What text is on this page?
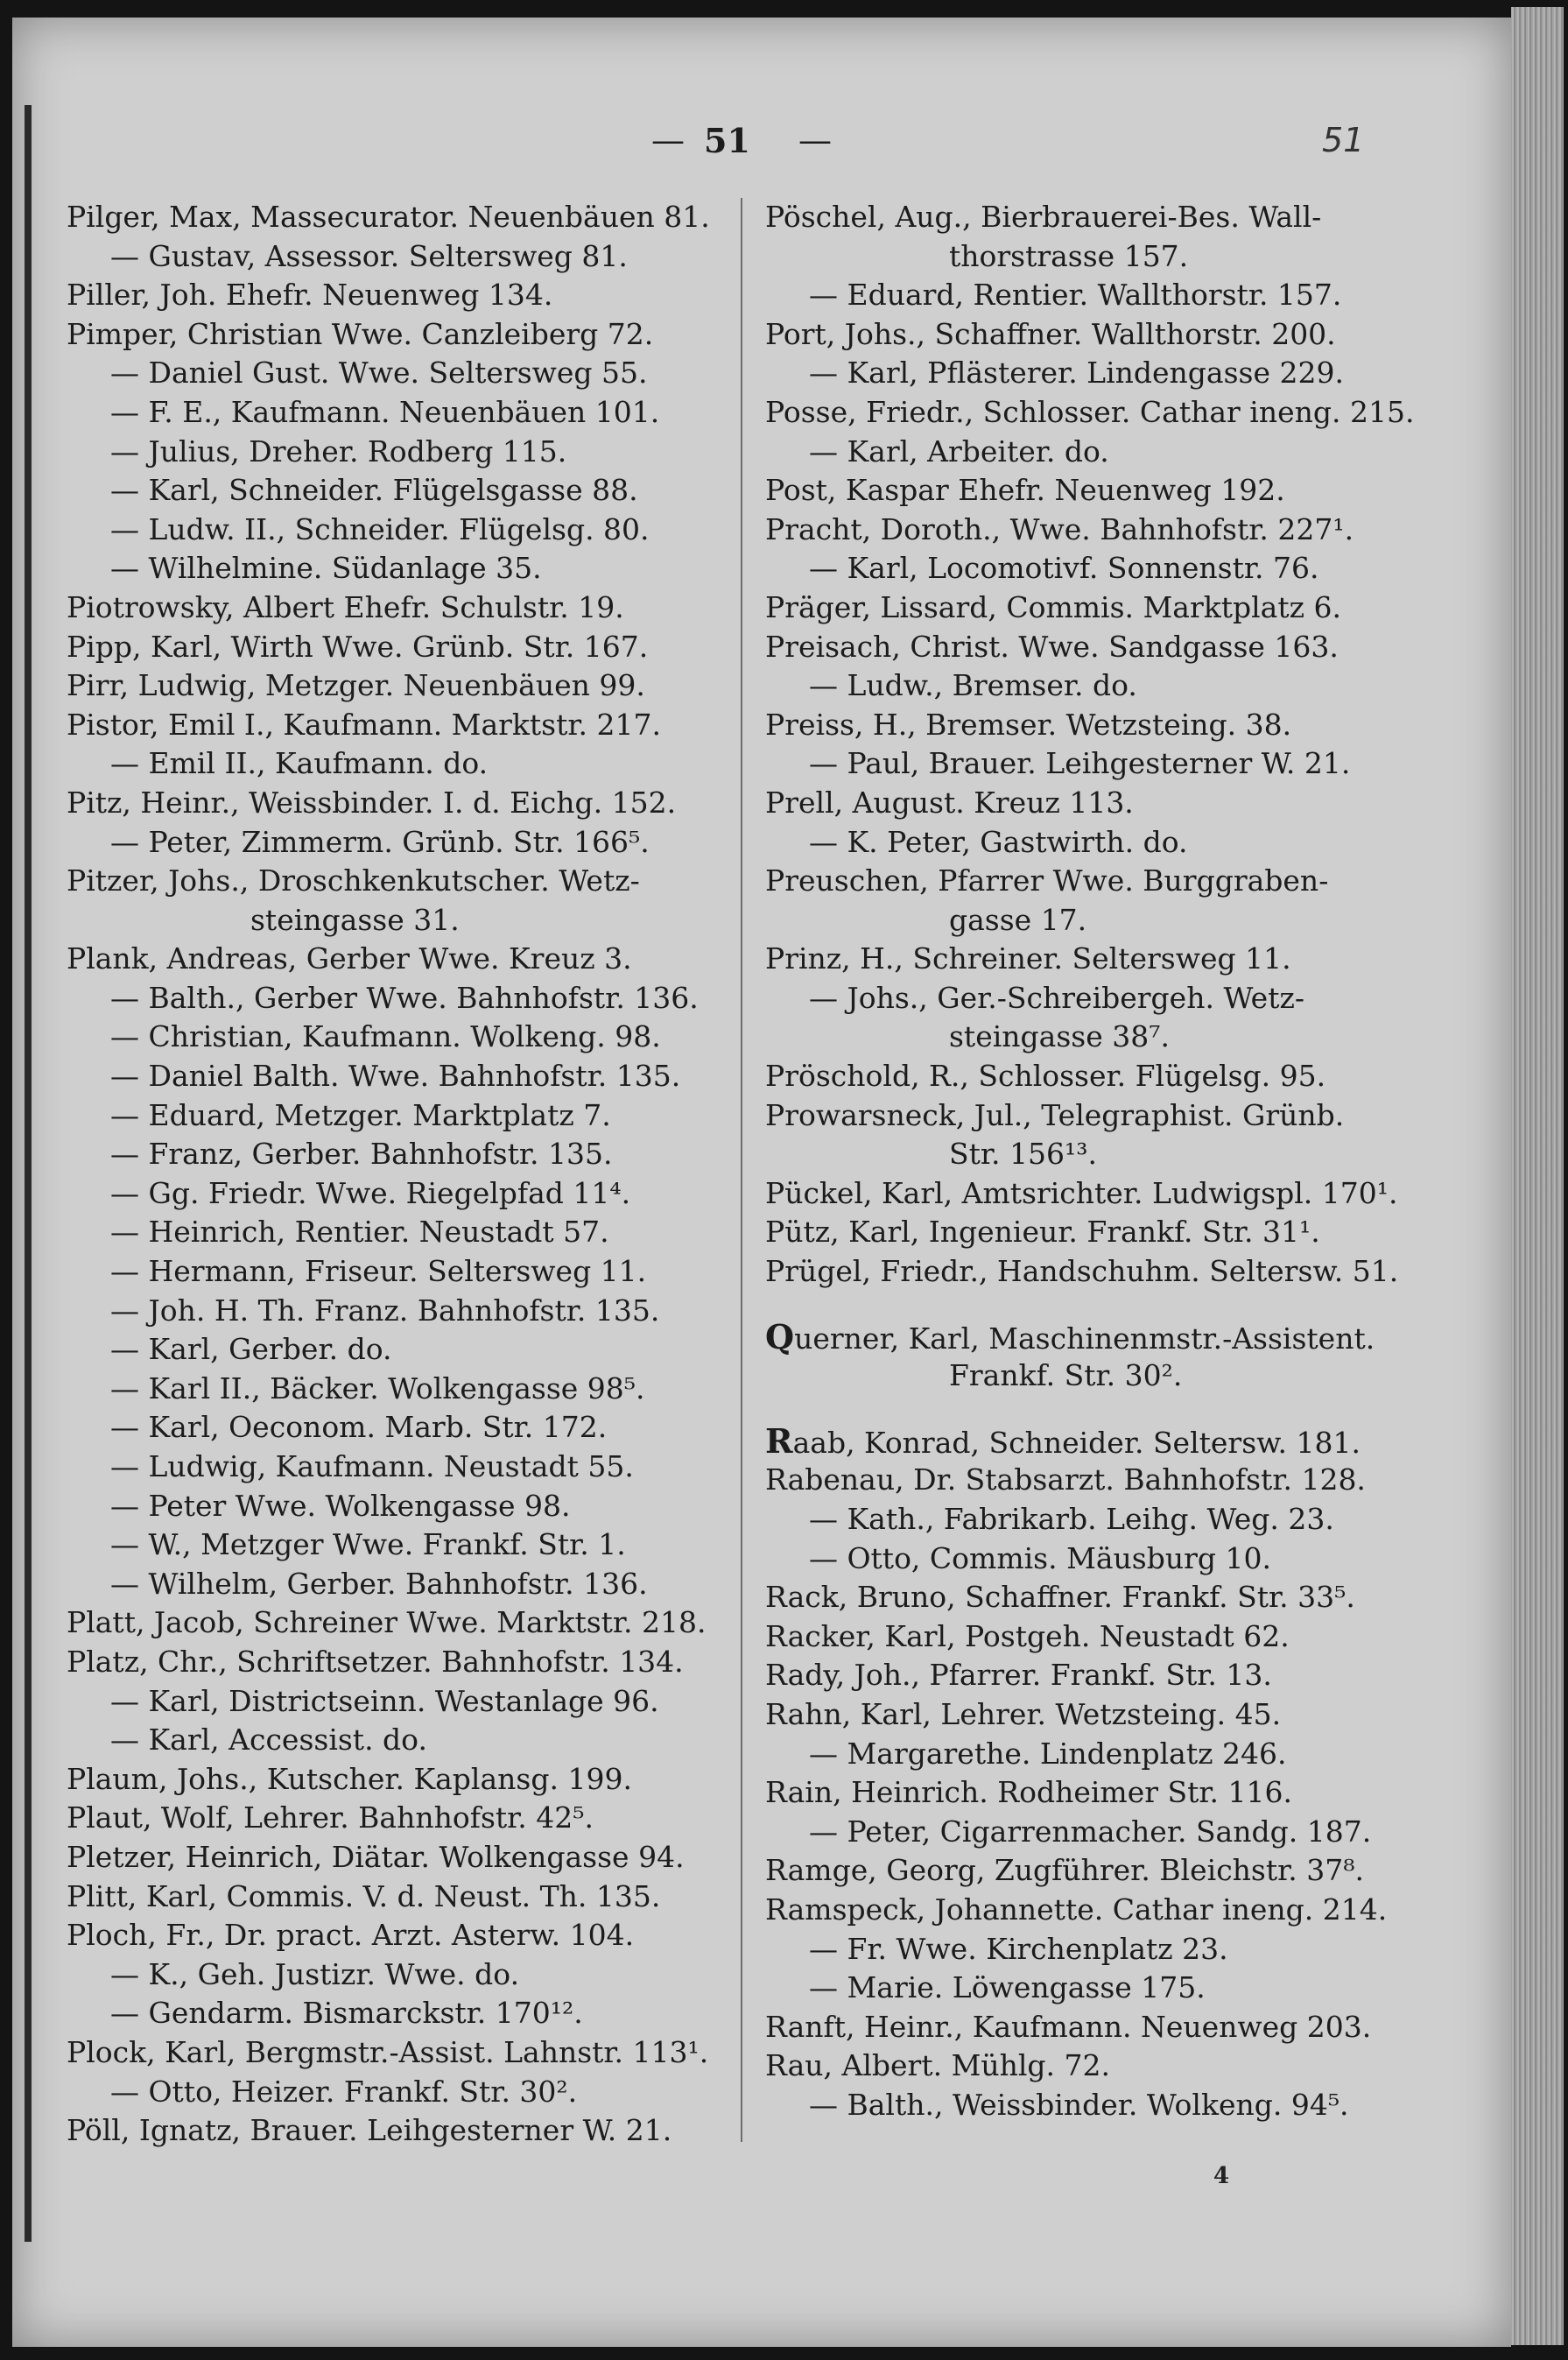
— 51 —	51
Pilger, Max, Massecurator. Neuenbäuen 81.
— Gustav, Assessor. Seltersweg 81.
Piller, Joh. Ehefr. Neuenweg 134.
Pimper, Christian Wwe. Canzleiberg 72.
— Daniel Gust. Wwe. Seltersweg 55.
— F. E., Kaufmann. Neuenbäuen 101.
— Julius, Dreher. Rodberg 115.
— Karl, Schneider. Flügelsgasse 88.
— Ludw. II., Schneider. Flügelsg. 80.
— Wilhelmine. Südanlage 35.
Piotrowsky, Albert Ehefr. Schulstr. 19.
Pipp, Karl, Wirth Wwe. Grünb. Str. 167.
Pirr, Ludwig, Metzger. Neuenbäuen 99.
Pistor, Emil I., Kaufmann. Marktstr. 217.
— Emil II., Kaufmann. do.
Pitz, Heinr., Weissbinder. I. d. Eichg. 152.
— Peter, Zimmerm. Grünb. Str. 166⁵.
Pitzer, Johs., Droschkenkutscher. Wetz-
steingasse 31.
Plank, Andreas, Gerber Wwe. Kreuz 3.
— Balth., Gerber Wwe. Bahnhofstr. 136.
— Christian, Kaufmann. Wolkeng. 98.
— Daniel Balth. Wwe. Bahnhofstr. 135.
— Eduard, Metzger. Marktplatz 7.
— Franz, Gerber. Bahnhofstr. 135.
— Gg. Friedr. Wwe. Riegelpfad 11⁴.
— Heinrich, Rentier. Neustadt 57.
— Hermann, Friseur. Seltersweg 11.
— Joh. H. Th. Franz. Bahnhofstr. 135.
— Karl, Gerber. do.
— Karl II., Bäcker. Wolkengasse 98⁵.
— Karl, Oeconom. Marb. Str. 172.
— Ludwig, Kaufmann. Neustadt 55.
— Peter Wwe. Wolkengasse 98.
— W., Metzger Wwe. Frankf. Str. 1.
— Wilhelm, Gerber. Bahnhofstr. 136.
Platt, Jacob, Schreiner Wwe. Marktstr. 218.
Platz, Chr., Schriftsetzer. Bahnhofstr. 134.
— Karl, Districtseinn. Westanlage 96.
— Karl, Accessist. do.
Plaum, Johs., Kutscher. Kaplansg. 199.
Plaut, Wolf, Lehrer. Bahnhofstr. 42⁵.
Pletzer, Heinrich, Diätar. Wolkengasse 94.
Plitt, Karl, Commis. V. d. Neust. Th. 135.
Ploch, Fr., Dr. pract. Arzt. Asterw. 104.
— K., Geh. Justizr. Wwe. do.
— Gendarm. Bismarckstr. 170¹².
Plock, Karl, Bergmstr.-Assist. Lahnstr. 113¹.
— Otto, Heizer. Frankf. Str. 30².
Pöll, Ignatz, Brauer. Leihgesterner W. 21.
Pöschel, Aug., Bierbrauerei-Bes. Wall-
thorstrasse 157.
— Eduard, Rentier. Wallthorstr. 157.
Port, Johs., Schaffner. Wallthorstr. 200.
— Karl, Pflästerer. Lindengasse 229.
Posse, Friedr., Schlosser. Cathar ineng. 215.
— Karl, Arbeiter. do.
Post, Kaspar Ehefr. Neuenweg 192.
Pracht, Doroth., Wwe. Bahnhofstr. 227¹.
— Karl, Locomotivf. Sonnenstr. 76.
Präger, Lissard, Commis. Marktplatz 6.
Preisach, Christ. Wwe. Sandgasse 163.
— Ludw., Bremser. do.
Preiss, H., Bremser. Wetzsteing. 38.
— Paul, Brauer. Leihgesterner W. 21.
Prell, August. Kreuz 113.
— K. Peter, Gastwirth. do.
Preuschen, Pfarrer Wwe. Burggraben-
gasse 17.
Prinz, H., Schreiner. Seltersweg 11.
— Johs., Ger.-Schreibergeh. Wetz-
steingasse 38⁷.
Pröschold, R., Schlosser. Flügelsg. 95.
Prowarsneck, Jul., Telegraphist. Grünb.
Str. 156¹³.
Pückel, Karl, Amtsrichter. Ludwigspl. 170¹.
Pütz, Karl, Ingenieur. Frankf. Str. 31¹.
Prügel, Friedr., Handschuhm. Seltersw. 51.
Querner, Karl, Maschinenmstr.-Assistent.
Frankf. Str. 30².
Raab, Konrad, Schneider. Seltersw. 181.
Rabenau, Dr. Stabsarzt. Bahnhofstr. 128.
— Kath., Fabrikarb. Leihg. Weg. 23.
— Otto, Commis. Mäusburg 10.
Rack, Bruno, Schaffner. Frankf. Str. 33⁵.
Racker, Karl, Postgeh. Neustadt 62.
Rady, Joh., Pfarrer. Frankf. Str. 13.
Rahn, Karl, Lehrer. Wetzsteing. 45.
— Margarethe. Lindenplatz 246.
Rain, Heinrich. Rodheimer Str. 116.
— Peter, Cigarrenmacher. Sandg. 187.
Ramge, Georg, Zugführer. Bleichstr. 37⁸.
Ramspeck, Johannette. Cathar ineng. 214.
— Fr. Wwe. Kirchenplatz 23.
— Marie. Löwengasse 175.
Ranft, Heinr., Kaufmann. Neuenweg 203.
Rau, Albert. Mühlg. 72.
— Balth., Weissbinder. Wolkeng. 94⁵.
4
